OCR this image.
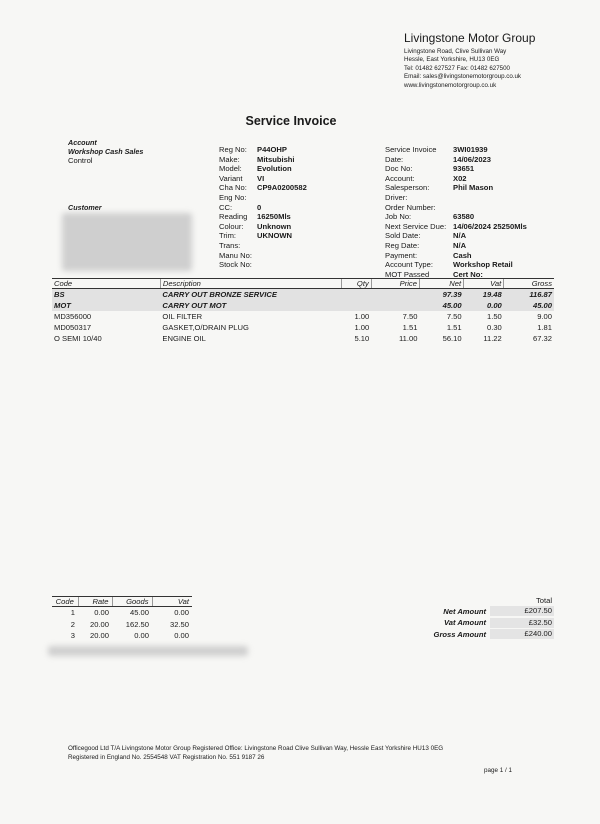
Livingstone Motor Group
Livingstone Road, Clive Sullivan Way
Hessle, East Yorkshire, HU13 0EG
Tel: 01482 627527 Fax: 01482 627500
Email: sales@livingstonemotorgroup.co.uk
www.livingstonemotorgroup.co.uk
Service Invoice
Account
Workshop Cash Sales
Control
Customer
Reg No:	P44OHP
Make:	Mitsubishi
Model:	Evolution
Variant	VI
Cha No:	CP9A0200582
Eng No:
CC:	0
Reading	16250Mls
Colour:	Unknown
Trim:	UKNOWN
Trans:
Manu No:
Stock No:
Service Invoice	3WI01939
Date:	14/06/2023
Doc No:	93651
Account:	X02
Salesperson:	Phil Mason
Driver:
Order Number:
Job No:	63580
Next Service Due: 14/06/2024 25250Mls
Sold Date:	N/A
Reg Date:	N/A
Payment:	Cash
Account Type:	Workshop Retail
MOT Passed	Cert No:
Code	Description	Qty	Price	Net	Vat	Gross
BS	CARRY OUT BRONZE SERVICE			97.39	19.48	116.87
MOT	CARRY OUT MOT			45.00	0.00	45.00
MD356000	OIL FILTER	1.00	7.50	7.50	1.50	9.00
MD050317	GASKET,O/DRAIN PLUG	1.00	1.51	1.51	0.30	1.81
O SEMI 10/40	ENGINE OIL	5.10	11.00	56.10	11.22	67.32
Code	Rate	Goods	Vat
1	0.00	45.00	0.00
2	20.00	162.50	32.50
3	20.00	0.00	0.00
Total
Net Amount	£207.50
Vat Amount	£32.50
Gross Amount	£240.00
Officegood Ltd T/A Livingstone Motor Group Registered Office: Livingstone Road Clive Sullivan Way, Hessle East Yorkshire HU13 0EG
Registered in England No. 2554548 VAT Registration No. 551 9187 26
page 1 / 1
